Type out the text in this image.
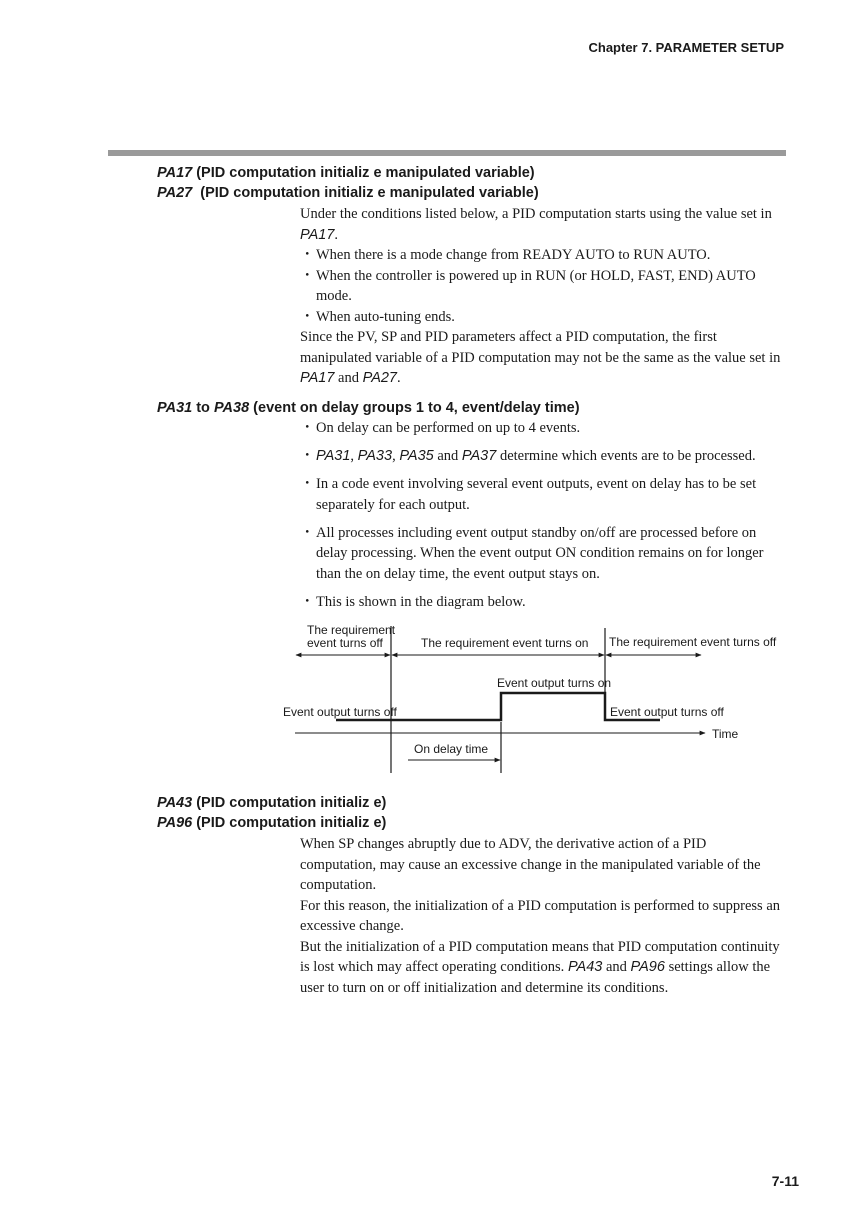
Chapter 7. PARAMETER SETUP
PA17 (PID computation initializ e manipulated variable)
PA27  (PID computation initializ e manipulated variable)

Under the conditions listed below, a PID computation starts using the value set in
PA17.

・ When there is a mode change from READY AUTO to RUN AUTO.

・ When the controller is powered up in RUN (or HOLD, FAST, END) AUTO
mode.

・ When auto-tuning ends.

Since the PV, SP and PID parameters affect a PID computation, the first
manipulated variable of a PID computation may not be the same as the value set in
PA17 and PA27.

PA31 to PA38 (event on delay groups 1 to 4, event/delay time)

・ On delay can be performed on up to 4 events.

・ PA31, PA33, PA35 and PA37 determine which events are to be processed.

・ In a code event involving several event outputs, event on delay has to be set
separately for each output.

・ All processes including event output standby on/off are processed before on
delay processing. When the event output ON condition remains on for longer
than the on delay time, the event output stays on.

・ This is shown in the diagram below.

The requirement
event turns off	The requirement event turns on The requirement event turns off
Event output turns on
Event output turns off	Event output turns off
Time
On delay time
PA43 (PID computation initializ e)
PA96 (PID computation initializ e)

When SP changes abruptly due to ADV, the derivative action of a PID
computation, may cause an excessive change in the manipulated variable of the
computation.

For this reason, the initialization of a PID computation is performed to suppress an
excessive change.

But the initialization of a PID computation means that PID computation continuity
is lost which may affect operating conditions. PA43 and PA96 settings allow the
user to turn on or off initialization and determine its conditions.

7-11
